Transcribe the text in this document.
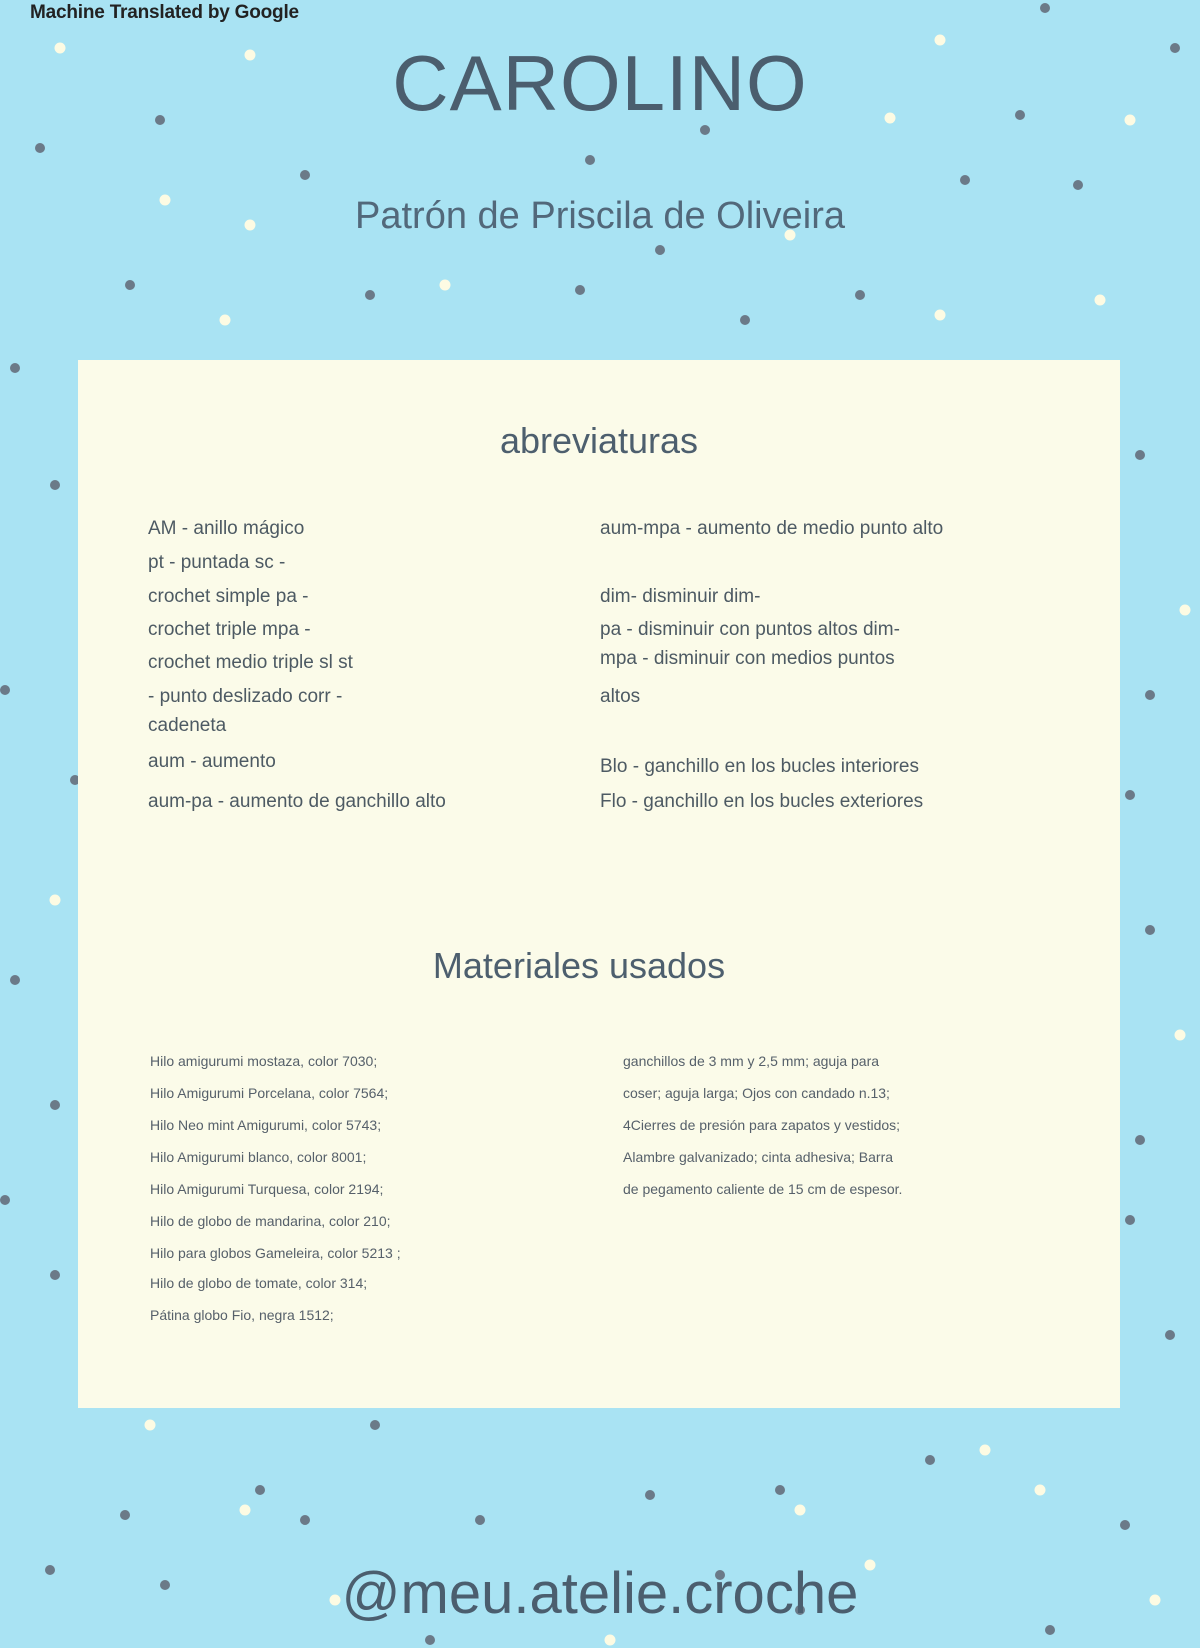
Machine Translated by Google
CAROLINO
Patrón de Priscila de Oliveira
abreviaturas
AM - anillo mágico
pt - puntada sc -
crochet simple pa -
crochet triple mpa -
crochet medio triple sl st
- punto deslizado corr -
cadeneta
aum - aumento
aum-pa - aumento de ganchillo alto
aum-mpa - aumento de medio punto alto
dim- disminuir dim-
pa - disminuir con puntos altos dim-
mpa - disminuir con medios puntos
altos
Blo - ganchillo en los bucles interiores
Flo - ganchillo en los bucles exteriores
Materiales usados
Hilo amigurumi mostaza, color 7030;
Hilo Amigurumi Porcelana, color 7564;
Hilo Neo mint Amigurumi, color 5743;
Hilo Amigurumi blanco, color 8001;
Hilo Amigurumi Turquesa, color 2194;
Hilo de globo de mandarina, color 210;
Hilo para globos Gameleira, color 5213 ;
Hilo de globo de tomate, color 314;
Pátina globo Fio, negra 1512;
ganchillos de 3 mm y 2,5 mm; aguja para
coser; aguja larga; Ojos con candado n.13;
4Cierres de presión para zapatos y vestidos;
Alambre galvanizado; cinta adhesiva; Barra
de pegamento caliente de 15 cm de espesor.
@meu.atelie.croche
